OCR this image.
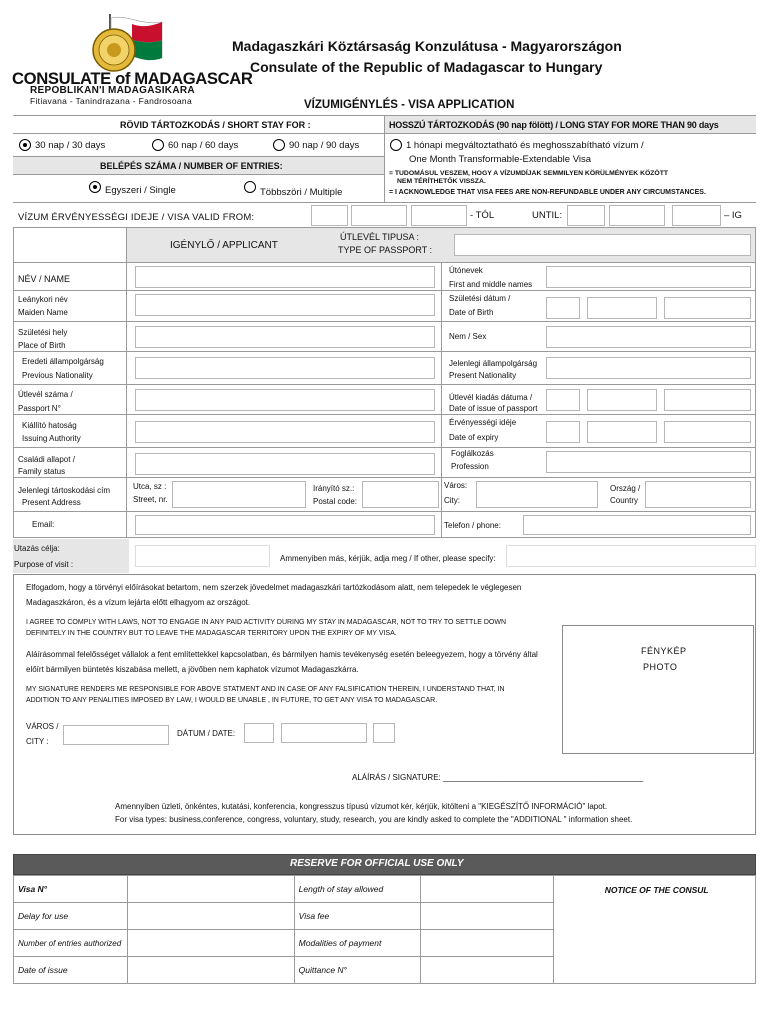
CONSULATE of MADAGASCAR
REPOBLIKAN'I MADAGASIKARA
Fitiavana - Tanindrazana - Fandrosoana
Madagaszkári Köztársaság Konzulátusa - Magyarországon
Consulate of the Republic of Madagascar to Hungary
VÍZUMIGÉNYLÉS - VISA APPLICATION
RÖVID TÁRTOZKODÁS / SHORT STAY FOR :	HOSSZÚ TÁRTOZKODÁS (90 nap fölött) / LONG STAY FOR MORE THAN 90 days
30 nap / 30 days	60 nap / 60 days	90 nap / 90 days	1 hónapi megváltoztatható és meghosszabítható vízum /
One Month Transformable-Extendable Visa
BELÉPÉS SZÁMA / NUMBER OF ENTRIES:
Egyszeri / Single	Többszöri / Multiple
= TUDOMÁSUL VESZEM, HOGY A VÍZUMDÍJAK SEMMILYEN KÖRÜLMÉNYEK KÖZÖTT
NEM TÉRÍTHETŐK VISSZA.
= I ACKNOWLEDGE THAT VISA FEES ARE NON-REFUNDABLE UNDER ANY CIRCUMSTANCES.
VÍZUM ÉRVÉNYESSÉGI IDEJE / VISA VALID FROM:	- TÓL	UNTIL:	– IG
IGÉNYLŐ / APPLICANT
ÚTLEVÉL TIPUSA :
TYPE OF PASSPORT :
NÉV / NAME
Útónevek
First and middle names
Leánykori név
Maiden Name
Születési dátum /
Date of Birth
Születési hely
Place of Birth
Nem / Sex
Eredeti állampolgárság
Previous Nationality
Jelenlegi állampolgárság
Present Nationality
Útlevél száma /
Passport N°
Útlevél kiadás dátuma /
Date of issue of passport
Kiállító hatoság
Issuing Authority
Érvényességi idéje
Date of expiry
Családi allapot /
Family status
Foglálkozás
Profession
Jelenlegi tártoskodási cím
Present Address
Utca, sz :
Street, nr.
Irányító sz.:
Postal code:
Város:
City:
Ország /
Country
Email:	Telefon / phone:
Utazás célja:
Purpose of visit :
Ammenyiben más, kérjük, adja meg / If other, please specify:
Elfogadom, hogy a törvényi előírásokat betartom, nem szerzek jövedelmet madagaszkári tartózkodásom alatt, nem telepedek le véglegesen
Madagaszkáron, és a vízum lejárta előtt elhagyom az országot.
I AGREE TO COMPLY WITH LAWS, NOT TO ENGAGE IN ANY PAID ACTIVITY DURING MY STAY IN MADAGASCAR, NOT TO TRY TO SETTLE DOWN
DEFINITELY IN THE COUNTRY BUT TO LEAVE THE MADAGASCAR TERRITORY UPON THE EXPIRY OF MY VISA.
Aláírásommal felelősséget vállalok a fent említettekkel kapcsolatban, és bármilyen hamis tevékenység esetén beleegyezem, hogy a törvény által
előírt bármilyen büntetés kiszabása mellett, a jövőben nem kaphatok vízumot Madagaszkárra.
MY SIGNATURE RENDERS ME RESPONSIBLE FOR ABOVE STATMENT AND IN CASE OF ANY FALSIFICATION THEREIN, I UNDERSTAND THAT, IN
ADDITION TO ANY PENALITIES IMPOSED BY LAW, I WOULD BE UNABLE , IN FUTURE, TO GET ANY VISA TO MADAGASCAR.
FÉNYKÉP
PHOTO
VÁROS /
CITY :
DÁTUM / DATE:
ALÁÍRÁS / SIGNATURE: _____________________________________________
Amennyiben üzleti, önkéntes, kutatási, konferencia, kongresszus típusú vízumot kér, kérjük, kitöltení a "KIEGÉSZÍTŐ INFORMÁCIÓ" lapot.
For visa types: business,conference, congress, voluntary, study, research, you are kindly asked to complete the "ADDITIONAL " information sheet.
RESERVE FOR OFFICIAL USE ONLY
Visa N°		Length of stay allowed		NOTICE OF THE CONSUL
Delay for use		Visa fee		
Number of entries authorized		Modalities of payment		
Date of issue		Quittance N°		
